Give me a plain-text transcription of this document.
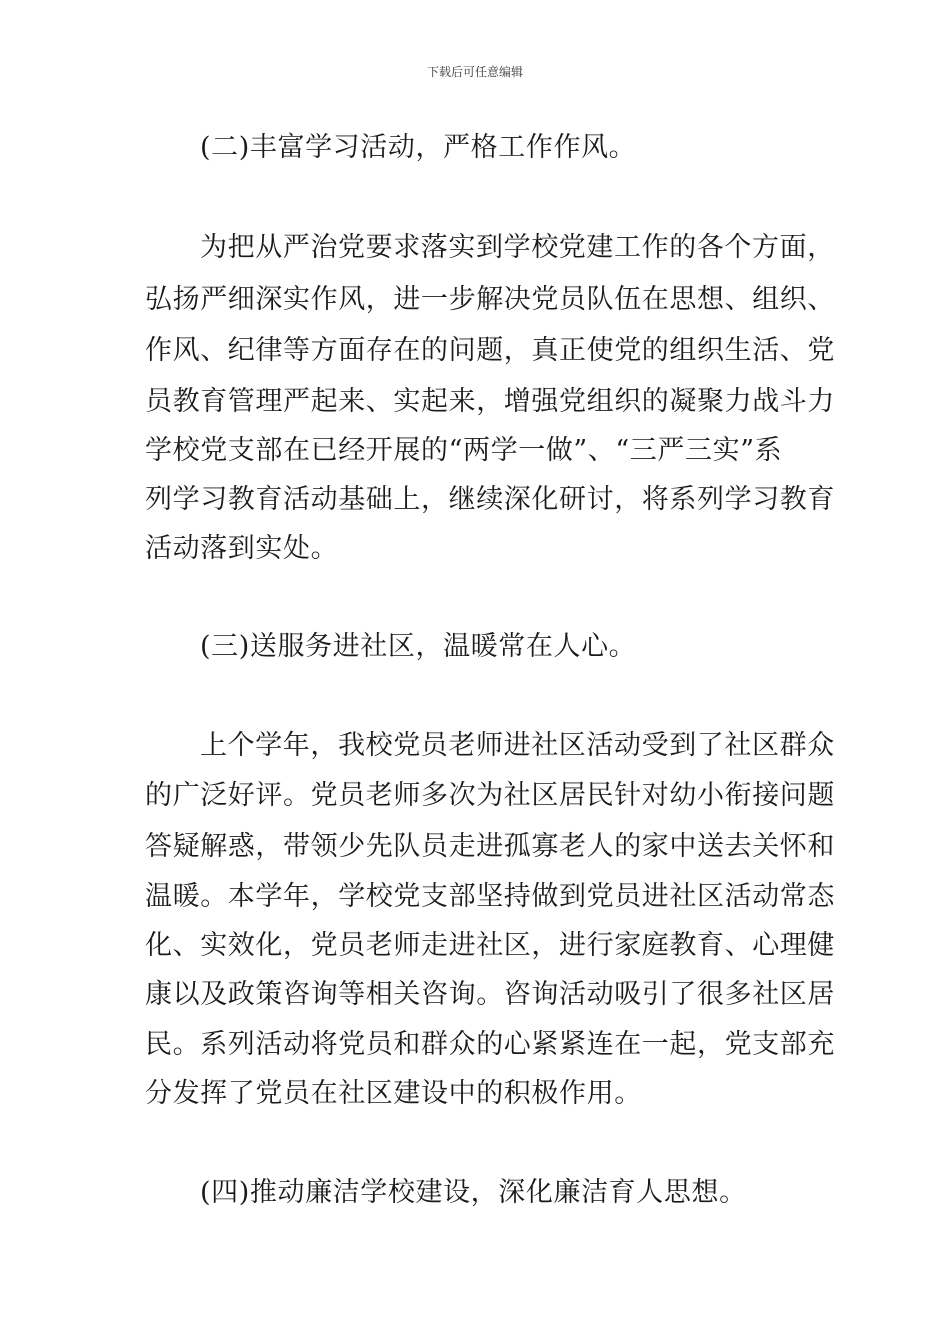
下载后可任意编辑
(二)丰富学习活动，严格工作作风。
为把从严治党要求落实到学校党建工作的各个方面，
弘扬严细深实作风，进一步解决党员队伍在思想、组织、
作风、纪律等方面存在的问题，真正使党的组织生活、党
员教育管理严起来、实起来，增强党组织的凝聚力战斗力
学校党支部在已经开展的“两学一做”、“三严三实”系
列学习教育活动基础上，继续深化研讨，将系列学习教育
活动落到实处。
(三)送服务进社区，温暖常在人心。
上个学年，我校党员老师进社区活动受到了社区群众
的广泛好评。党员老师多次为社区居民针对幼小衔接问题
答疑解惑，带领少先队员走进孤寡老人的家中送去关怀和
温暖。本学年，学校党支部坚持做到党员进社区活动常态
化、实效化，党员老师走进社区，进行家庭教育、心理健
康以及政策咨询等相关咨询。咨询活动吸引了很多社区居
民。系列活动将党员和群众的心紧紧连在一起，党支部充
分发挥了党员在社区建设中的积极作用。
(四)推动廉洁学校建设，深化廉洁育人思想。
